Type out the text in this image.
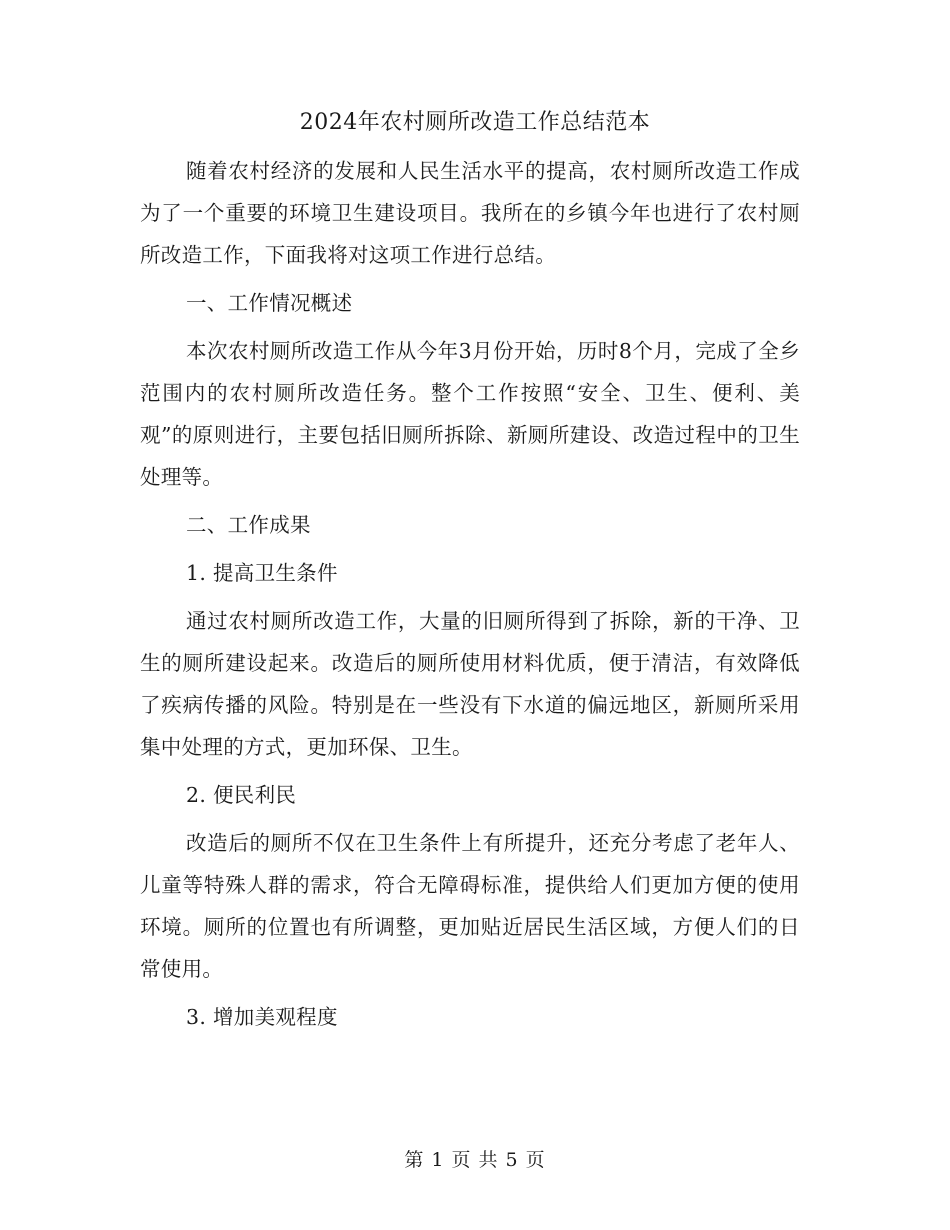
2024年农村厕所改造工作总结范本

随着农村经济的发展和人民生活水平的提高，农村厕所改造工作成为了一个重要的环境卫生建设项目。我所在的乡镇今年也进行了农村厕所改造工作，下面我将对这项工作进行总结。

一、工作情况概述

本次农村厕所改造工作从今年3月份开始，历时8个月，完成了全乡范围内的农村厕所改造任务。整个工作按照“安全、卫生、便利、美观”的原则进行，主要包括旧厕所拆除、新厕所建设、改造过程中的卫生处理等。

二、工作成果

1. 提高卫生条件

通过农村厕所改造工作，大量的旧厕所得到了拆除，新的干净、卫生的厕所建设起来。改造后的厕所使用材料优质，便于清洁，有效降低了疾病传播的风险。特别是在一些没有下水道的偏远地区，新厕所采用集中处理的方式，更加环保、卫生。

2. 便民利民

改造后的厕所不仅在卫生条件上有所提升，还充分考虑了老年人、儿童等特殊人群的需求，符合无障碍标准，提供给人们更加方便的使用环境。厕所的位置也有所调整，更加贴近居民生活区域，方便人们的日常使用。

3. 增加美观程度

第 1 页 共 5 页
